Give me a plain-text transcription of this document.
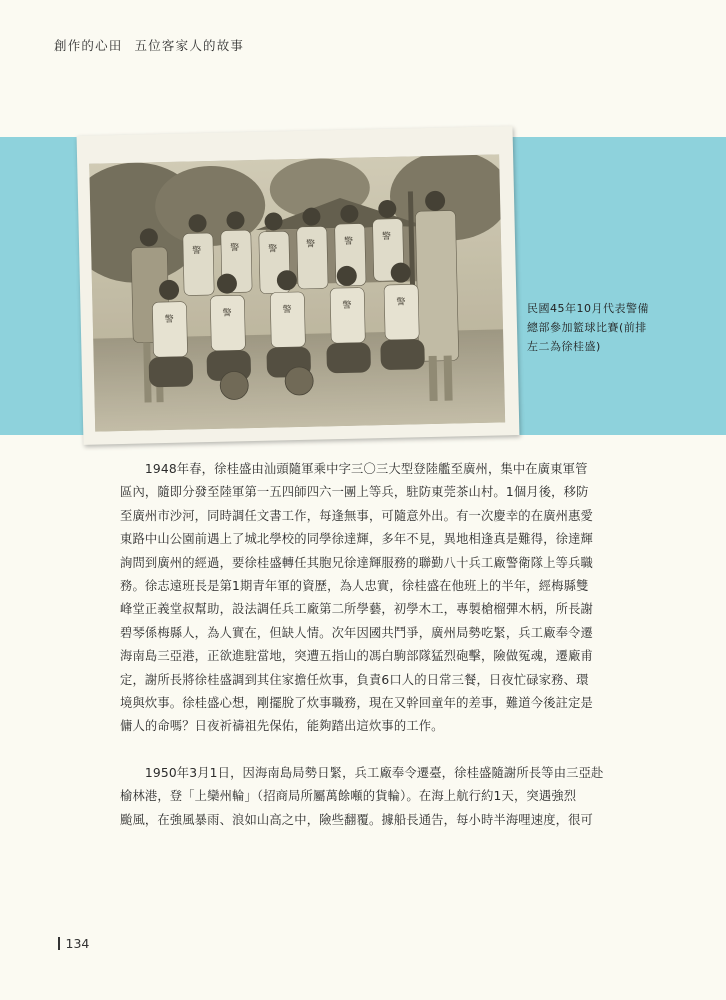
創作的心田 五位客家人的故事
警	警	警	警	警	警
警
警	警	警	警	民國45年10月代表警備
總部參加籃球比賽(前排
左二為徐桂盛)

　　1948年春，徐桂盛由汕頭隨軍乘中字三〇三大型登陸艦至廣州，集中在廣東軍管
區內，隨即分發至陸軍第一五四師四六一團上等兵，駐防東莞茶山村。1個月後，移防
至廣州市沙河，同時調任文書工作，每逢無事，可隨意外出。有一次慶幸的在廣州惠愛
東路中山公園前遇上了城北學校的同學徐達輝，多年不見，異地相逢真是難得，徐達輝
詢問到廣州的經過，要徐桂盛轉任其胞兄徐達輝服務的聯勤八十兵工廠警衛隊上等兵職
務。徐志遠班長是第1期青年軍的資歷，為人忠實，徐桂盛在他班上的半年，經梅縣雙
峰堂正義堂叔幫助，設法調任兵工廠第二所學藝，初學木工，專製槍榴彈木柄，所長謝
碧琴係梅縣人，為人實在，但缺人情。次年因國共鬥爭，廣州局勢吃緊，兵工廠奉令遷
海南島三亞港，正欲進駐當地，突遭五指山的馮白駒部隊猛烈砲擊，險做冤魂，遷廠甫
定，謝所長將徐桂盛調到其住家擔任炊事，負責6口人的日常三餐，日夜忙碌家務、環
境與炊事。徐桂盛心想，剛擺脫了炊事職務，現在又幹回童年的差事，難道今後註定是
傭人的命嗎？日夜祈禱祖先保佑，能夠踏出這炊事的工作。

　　1950年3月1日，因海南島局勢日緊，兵工廠奉令遷臺，徐桂盛隨謝所長等由三亞赴
榆林港，登「上欒州輪」（招商局所屬萬餘噸的貨輪）。在海上航行約1天，突遇強烈
颱風，在強風暴雨、浪如山高之中，險些翻覆。據船長通告，每小時半海哩速度，很可

134
